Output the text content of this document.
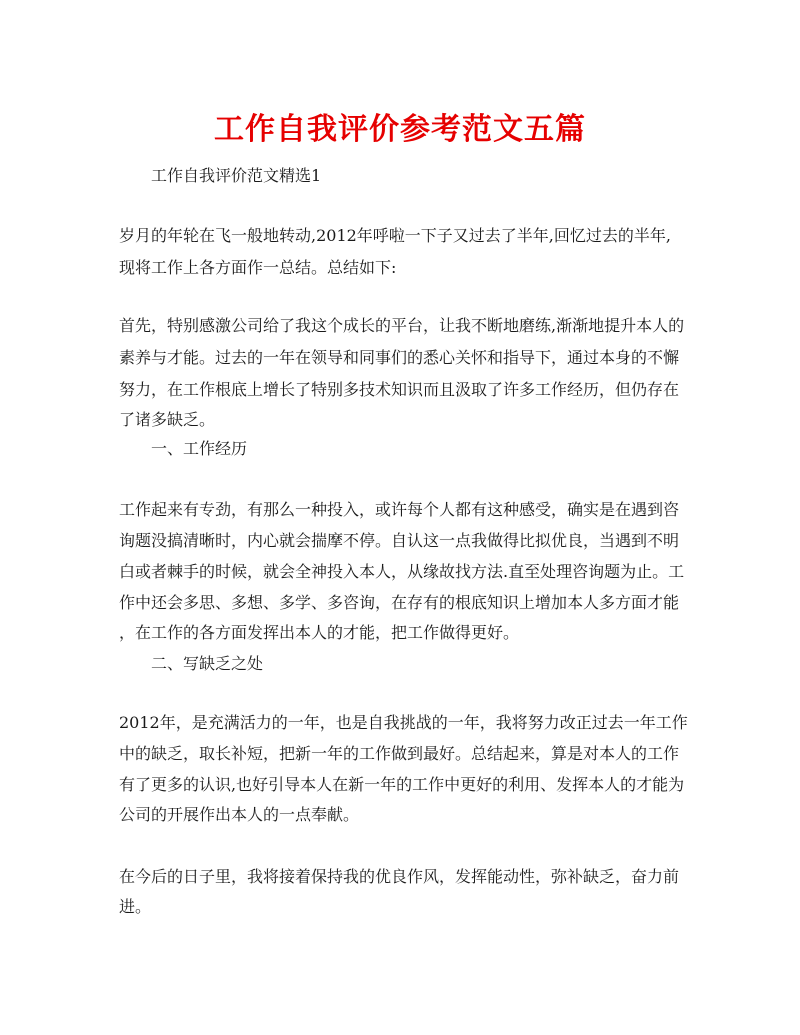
工作自我评价参考范文五篇
工作自我评价范文精选1
岁月的年轮在飞一般地转动,2012年呼啦一下子又过去了半年,回忆过去的半年,
现将工作上各方面作一总结。总结如下:
首先，特别感激公司给了我这个成长的平台，让我不断地磨练,渐渐地提升本人的
素养与才能。过去的一年在领导和同事们的悉心关怀和指导下，通过本身的不懈
努力，在工作根底上增长了特别多技术知识而且汲取了许多工作经历，但仍存在
了诸多缺乏。
一、工作经历
工作起来有专劲，有那么一种投入，或许每个人都有这种感受，确实是在遇到咨
询题没搞清晰时，内心就会揣摩不停。自认这一点我做得比拟优良，当遇到不明
白或者棘手的时候，就会全神投入本人，从缘故找方法.直至处理咨询题为止。工
作中还会多思、多想、多学、多咨询，在存有的根底知识上增加本人多方面才能
，在工作的各方面发挥出本人的才能，把工作做得更好。
二、写缺乏之处
2012年，是充满活力的一年，也是自我挑战的一年，我将努力改正过去一年工作
中的缺乏，取长补短，把新一年的工作做到最好。总结起来，算是对本人的工作
有了更多的认识,也好引导本人在新一年的工作中更好的利用、发挥本人的才能为
公司的开展作出本人的一点奉献。
在今后的日子里，我将接着保持我的优良作风，发挥能动性，弥补缺乏，奋力前
进。
